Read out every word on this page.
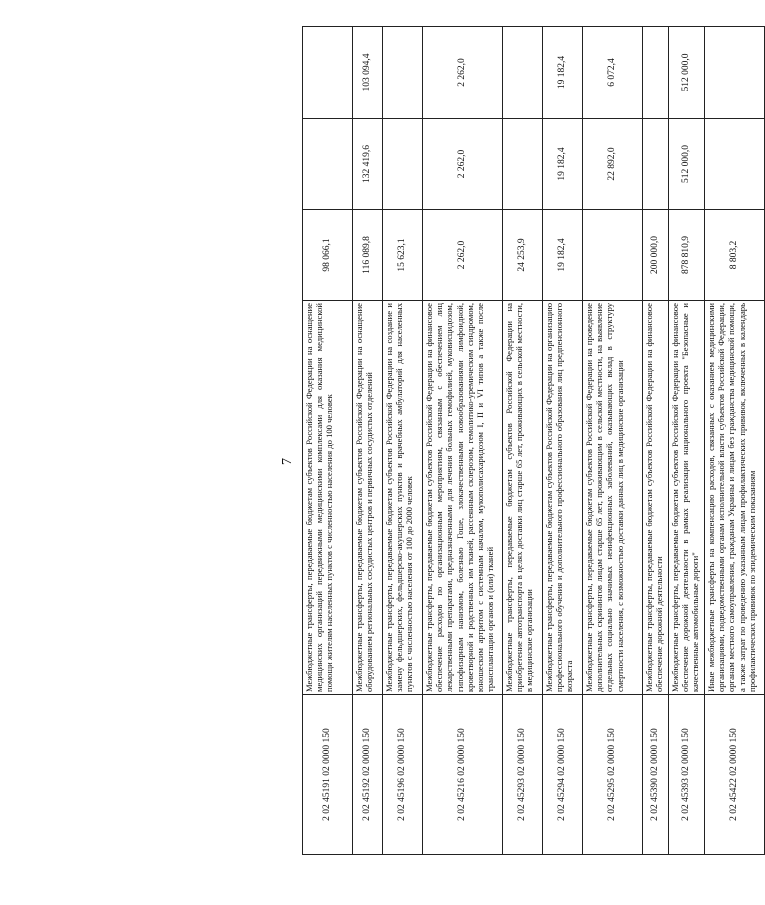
7
2 02 45191 02 0000 150	Межбюджетные трансферты, передаваемые бюджетам субъектов Российской Федерации на оснащение медицинских организаций передвижными медицинскими комплексами для оказания медицинской помощи жителям населенных пунктов с численностью населения до 100 человек	98 066,1		
2 02 45192 02 0000 150	Межбюджетные трансферты, передаваемые бюджетам субъектов Российской Федерации на оснащение оборудованием региональных сосудистых центров и первичных сосудистых отделений	116 089,8	132 419,6	103 094,4
2 02 45196 02 0000 150	Межбюджетные трансферты, передаваемые бюджетам субъектов Российской Федерации на создание и замену фельдшерских, фельдшерско-акушерских пунктов и врачебных амбулаторий для населенных пунктов с численностью населения от 100 до 2000 человек	15 623,1		
2 02 45216 02 0000 150	Межбюджетные трансферты, передаваемые бюджетам субъектов Российской Федерации на финансовое обеспечение расходов по организационным мероприятиям, связанным с обеспечением лиц лекарственными препаратами, предназначенными для лечения больных гемофилией, муковисцидозом, гипофизарным нанизмом, болезнью Гоше, злокачественными новообразованиями лимфоидной, кроветворной и родственных им тканей, рассеянным склерозом, гемолитико-уремическим синдромом, юношеским артритом с системным началом, мукополисахаридозом I, II и VI типов а также после трансплантации органов и (или) тканей	2 262,0	2 262,0	2 262,0
2 02 45293 02 0000 150	Межбюджетные трансферты, передаваемые бюджетам субъектов Российской Федерации на приобретение автотранспорта в целях доставки лиц старше 65 лет, проживающих в сельской местности, в медицинские организации	24 253,9		
2 02 45294 02 0000 150	Межбюджетные трансферты, передаваемые бюджетам субъектов Российской Федерации на организацию профессионального обучения и дополнительного профессионального образования лиц предпенсионного возраста	19 182,4	19 182,4	19 182,4
2 02 45295 02 0000 150	Межбюджетные трансферты, передаваемые бюджетам субъектов Российской Федерации на проведение дополнительных скринингов лицам старше 65 лет, проживающим в сельской местности, на выявление отдельных социально значимых неинфекционных заболеваний, оказывающих вклад в структуру смертности населения, с возможностью доставки данных лиц в медицинские организации		22 892,0	6 072,4
2 02 45390 02 0000 150	Межбюджетные трансферты, передаваемые бюджетам субъектов Российской Федерации на финансовое обеспечение дорожной деятельности	200 000,0		
2 02 45393 02 0000 150	Межбюджетные трансферты, передаваемые бюджетам субъектов Российской Федерации на финансовое обеспечение дорожной деятельности в рамках реализации национального проекта "Безопасные и качественные автомобильные дороги"	878 810,9	512 000,0	512 000,0
2 02 45422 02 0000 150	Иные межбюджетные трансферты на компенсацию расходов, связанных с оказанием медицинскими организациями, подведомственными органам исполнительной власти субъектов Российской Федерации, органам местного самоуправления, гражданам Украины и лицам без гражданства медицинской помощи, а также затрат по проведению указанным лицам профилактических прививок, включенных в календарь профилактических прививок по эпидемическим показаниям	8 803,2		
